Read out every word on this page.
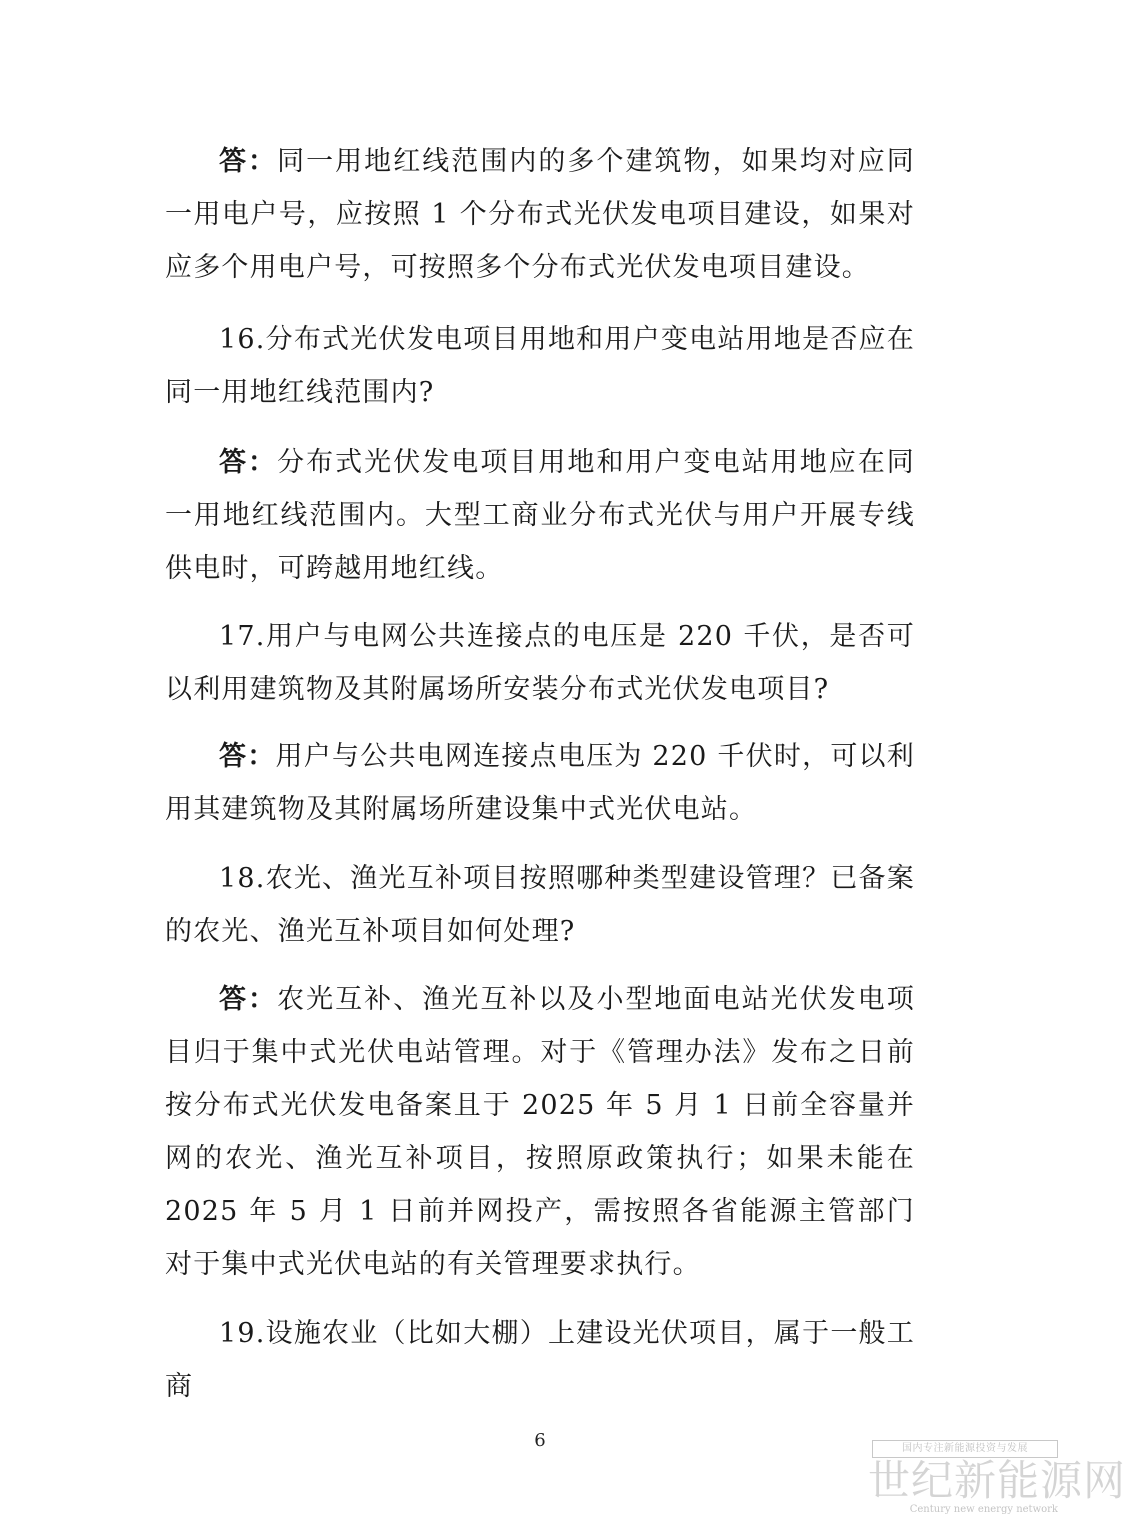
答：同一用地红线范围内的多个建筑物，如果均对应同一用电户号，应按照 1 个分布式光伏发电项目建设，如果对应多个用电户号，可按照多个分布式光伏发电项目建设。

16.分布式光伏发电项目用地和用户变电站用地是否应在同一用地红线范围内?

答：分布式光伏发电项目用地和用户变电站用地应在同一用地红线范围内。大型工商业分布式光伏与用户开展专线供电时，可跨越用地红线。

17.用户与电网公共连接点的电压是 220 千伏，是否可以利用建筑物及其附属场所安装分布式光伏发电项目?

答：用户与公共电网连接点电压为 220 千伏时，可以利用其建筑物及其附属场所建设集中式光伏电站。

18.农光、渔光互补项目按照哪种类型建设管理？已备案的农光、渔光互补项目如何处理?

答：农光互补、渔光互补以及小型地面电站光伏发电项目归于集中式光伏电站管理。对于《管理办法》发布之日前按分布式光伏发电备案且于 2025 年 5 月 1 日前全容量并网的农光、渔光互补项目，按照原政策执行；如果未能在 2025 年 5 月 1 日前并网投产，需按照各省能源主管部门对于集中式光伏电站的有关管理要求执行。

19.设施农业（比如大棚）上建设光伏项目，属于一般工商

6	国内专注新能源投资与发展
世纪新能源网
Century new energy network
